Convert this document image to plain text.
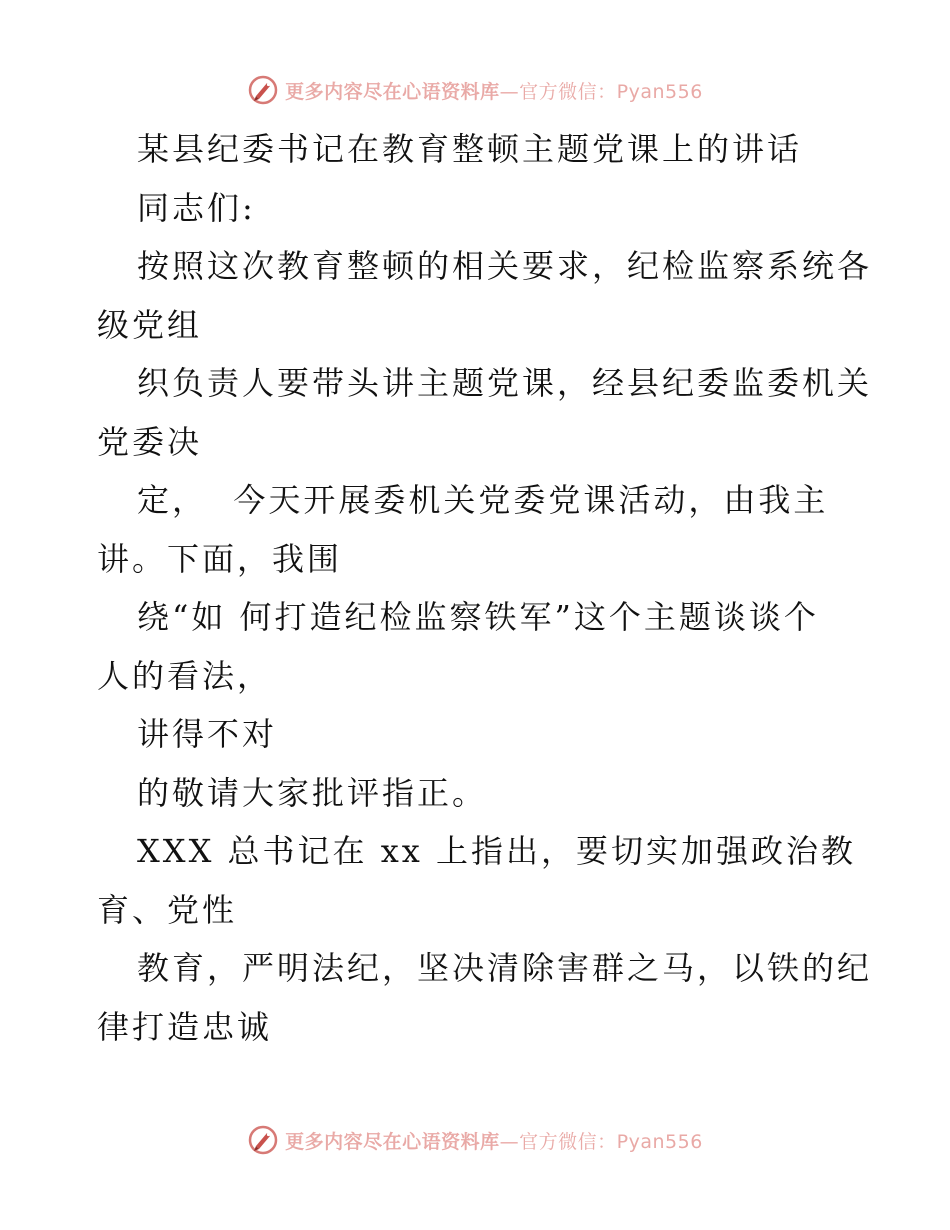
更多内容尽在心语资料库 —官方微信：Pyan556
某县纪委书记在教育整顿主题党课上的讲话
同志们:
按照这次教育整顿的相关要求，纪检监察系统各
级党组
织负责人要带头讲主题党课，经县纪委监委机关
党委决
定，  今天开展委机关党委党课活动，由我主
讲。下面，我围
绕“如 何打造纪检监察铁军”这个主题谈谈个
人的看法，
讲得不对
的敬请大家批评指正。
XXX 总书记在 xx 上指出，要切实加强政治教
育、党性
教育，严明法纪，坚决清除害群之马，以铁的纪
律打造忠诚
更多内容尽在心语资料库 —官方微信：Pyan556
